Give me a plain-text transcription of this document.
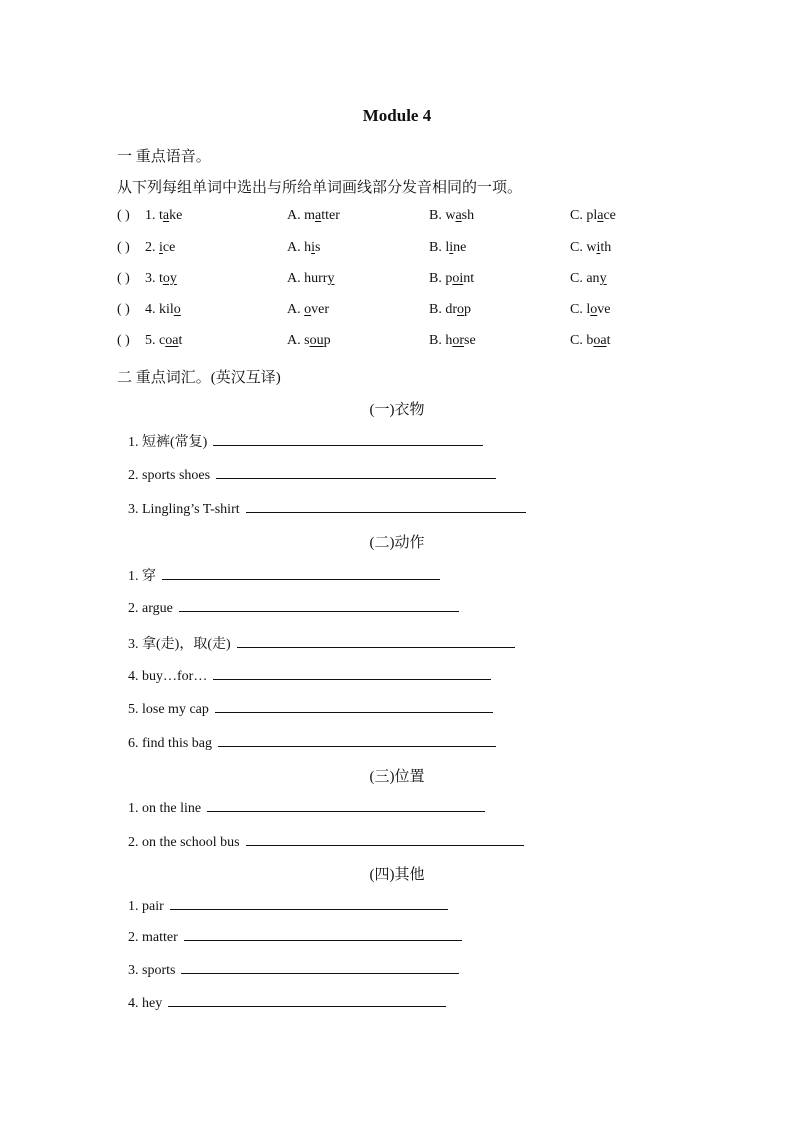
Module 4
一 重点语音。
从下列每组单词中选出与所给单词画线部分发音相同的一项。
( ) 1. take	A. matter	B. wash	C. place
( ) 2. ice	A. his	B. line	C. with
( ) 3. toy	A. hurry	B. point	C. any
( ) 4. kilo	A. over	B. drop	C. love
( ) 5. coat	A. soup	B. horse	C. boat
二 重点词汇。(英汉互译)
(一)衣物
1. 短裤(常复)
2. sports shoes
3. Lingling’s T-shirt
(二)动作
1. 穿
2. argue
3. 拿(走)，取(走)
4. buy…for…
5. lose my cap
6. find this bag
(三)位置
1. on the line
2. on the school bus
(四)其他
1. pair
2. matter
3. sports
4. hey
